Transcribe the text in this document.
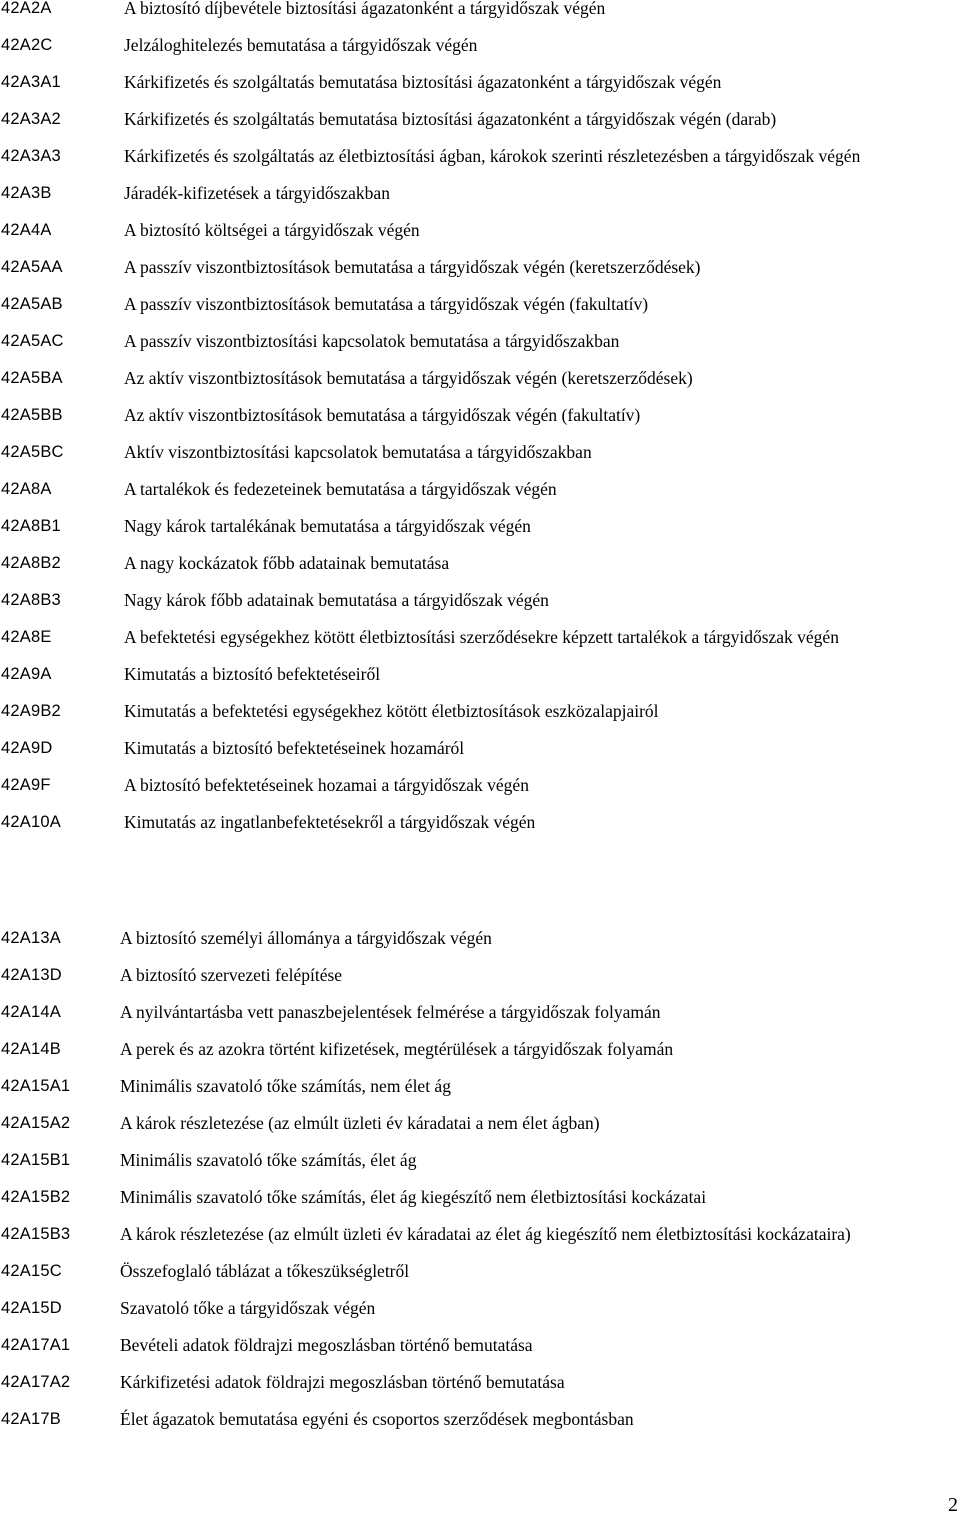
42A2A	A biztosító díjbevétele biztosítási ágazatonként a tárgyidőszak végén
42A2C	Jelzáloghitelezés bemutatása a tárgyidőszak végén
42A3A1	Kárkifizetés és szolgáltatás bemutatása biztosítási ágazatonként a tárgyidőszak végén
42A3A2	Kárkifizetés és szolgáltatás bemutatása biztosítási ágazatonként a tárgyidőszak végén (darab)
42A3A3	Kárkifizetés és szolgáltatás az életbiztosítási ágban, károkok szerinti részletezésben a tárgyidőszak végén
42A3B	Járadék-kifizetések a tárgyidőszakban
42A4A	A biztosító költségei a tárgyidőszak végén
42A5AA	A passzív viszontbiztosítások bemutatása a tárgyidőszak végén (keretszerződések)
42A5AB	A passzív viszontbiztosítások bemutatása a tárgyidőszak végén (fakultatív)
42A5AC	A passzív viszontbiztosítási kapcsolatok bemutatása a tárgyidőszakban
42A5BA	Az aktív viszontbiztosítások bemutatása a tárgyidőszak végén (keretszerződések)
42A5BB	Az aktív viszontbiztosítások bemutatása a tárgyidőszak végén (fakultatív)
42A5BC	Aktív viszontbiztosítási kapcsolatok bemutatása a tárgyidőszakban
42A8A	A tartalékok és fedezeteinek bemutatása a tárgyidőszak végén
42A8B1	Nagy károk tartalékának bemutatása a tárgyidőszak végén
42A8B2	A nagy kockázatok főbb adatainak bemutatása
42A8B3	Nagy károk főbb adatainak bemutatása a tárgyidőszak végén
42A8E	A befektetési egységekhez kötött életbiztosítási szerződésekre képzett tartalékok a tárgyidőszak végén
42A9A	Kimutatás a biztosító befektetéseiről
42A9B2	Kimutatás a befektetési egységekhez kötött életbiztosítások eszközalapjairól
42A9D	Kimutatás a biztosító befektetéseinek hozamáról
42A9F	A biztosító befektetéseinek hozamai a tárgyidőszak végén
42A10A	Kimutatás az ingatlanbefektetésekről a tárgyidőszak végén
42A13A	A biztosító személyi állománya a tárgyidőszak végén
42A13D	A biztosító szervezeti felépítése
42A14A	A nyilvántartásba vett panaszbejelentések felmérése a tárgyidőszak folyamán
42A14B	A perek és az azokra történt kifizetések, megtérülések a tárgyidőszak folyamán
42A15A1	Minimális szavatoló tőke számítás, nem élet ág
42A15A2	A károk részletezése (az elmúlt üzleti év káradatai a nem élet ágban)
42A15B1	Minimális szavatoló tőke számítás, élet ág
42A15B2	Minimális szavatoló tőke számítás, élet ág kiegészítő nem életbiztosítási kockázatai
42A15B3	A károk részletezése (az elmúlt üzleti év káradatai az élet ág kiegészítő nem életbiztosítási kockázataira)
42A15C	Összefoglaló táblázat a tőkeszükségletről
42A15D	Szavatoló tőke a tárgyidőszak végén
42A17A1	Bevételi adatok földrajzi megoszlásban történő bemutatása
42A17A2	Kárkifizetési adatok földrajzi megoszlásban történő bemutatása
42A17B	Élet ágazatok bemutatása egyéni és csoportos szerződések megbontásban
2
